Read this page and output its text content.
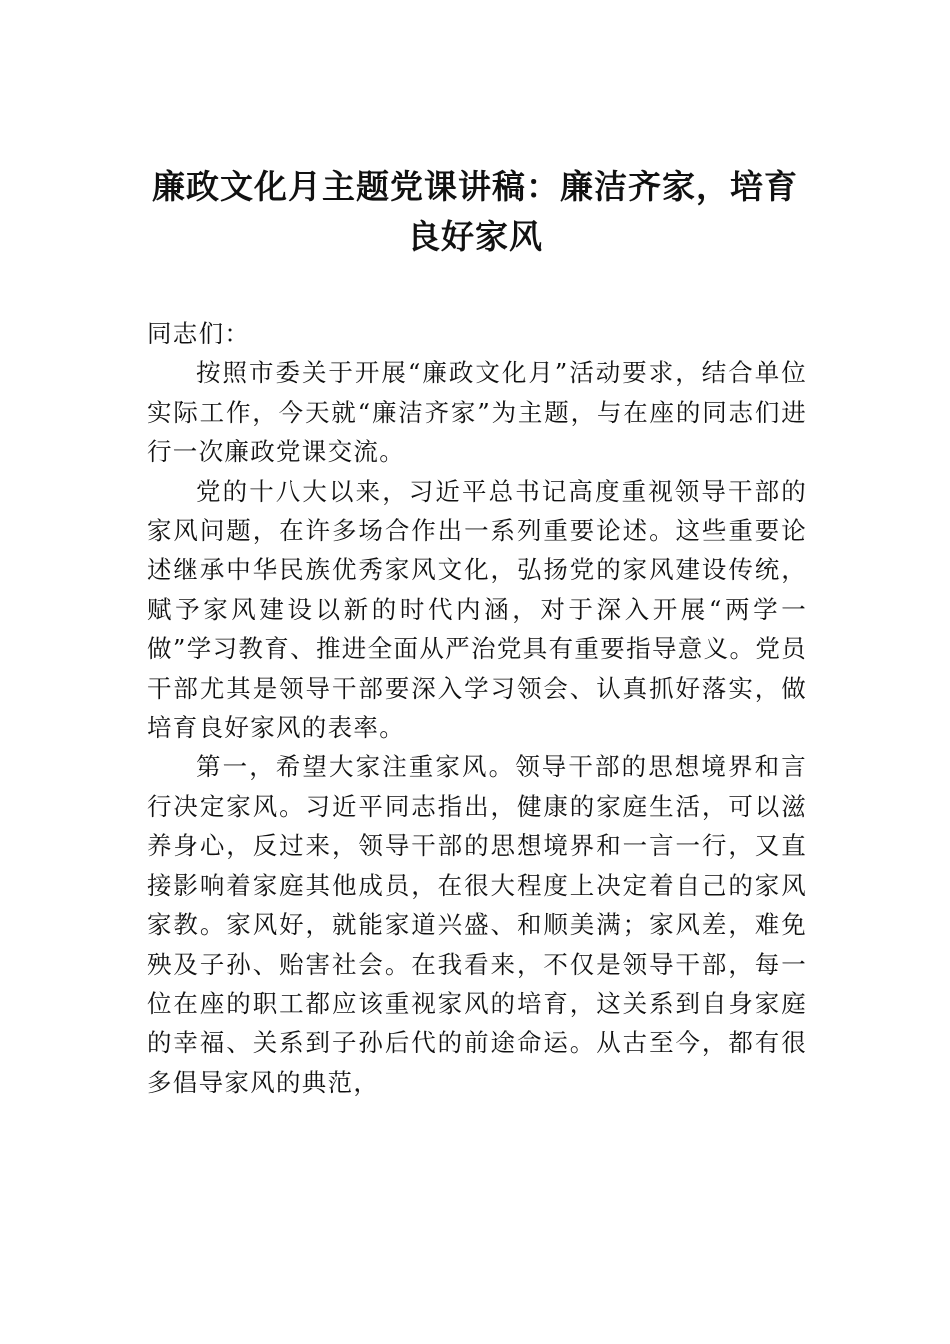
廉政文化月主题党课讲稿：廉洁齐家，培育良好家风

同志们：

按照市委关于开展“廉政文化月”活动要求，结合单位实际工作，今天就“廉洁齐家”为主题，与在座的同志们进行一次廉政党课交流。

党的十八大以来，习近平总书记高度重视领导干部的家风问题，在许多场合作出一系列重要论述。这些重要论述继承中华民族优秀家风文化，弘扬党的家风建设传统，赋予家风建设以新的时代内涵，对于深入开展“两学一做”学习教育、推进全面从严治党具有重要指导意义。党员干部尤其是领导干部要深入学习领会、认真抓好落实，做培育良好家风的表率。

第一，希望大家注重家风。领导干部的思想境界和言行决定家风。习近平同志指出，健康的家庭生活，可以滋养身心，反过来，领导干部的思想境界和一言一行，又直接影响着家庭其他成员，在很大程度上决定着自己的家风家教。家风好，就能家道兴盛、和顺美满；家风差，难免殃及子孙、贻害社会。在我看来，不仅是领导干部，每一位在座的职工都应该重视家风的培育，这关系到自身家庭的幸福、关系到子孙后代的前途命运。从古至今，都有很多倡导家风的典范，
